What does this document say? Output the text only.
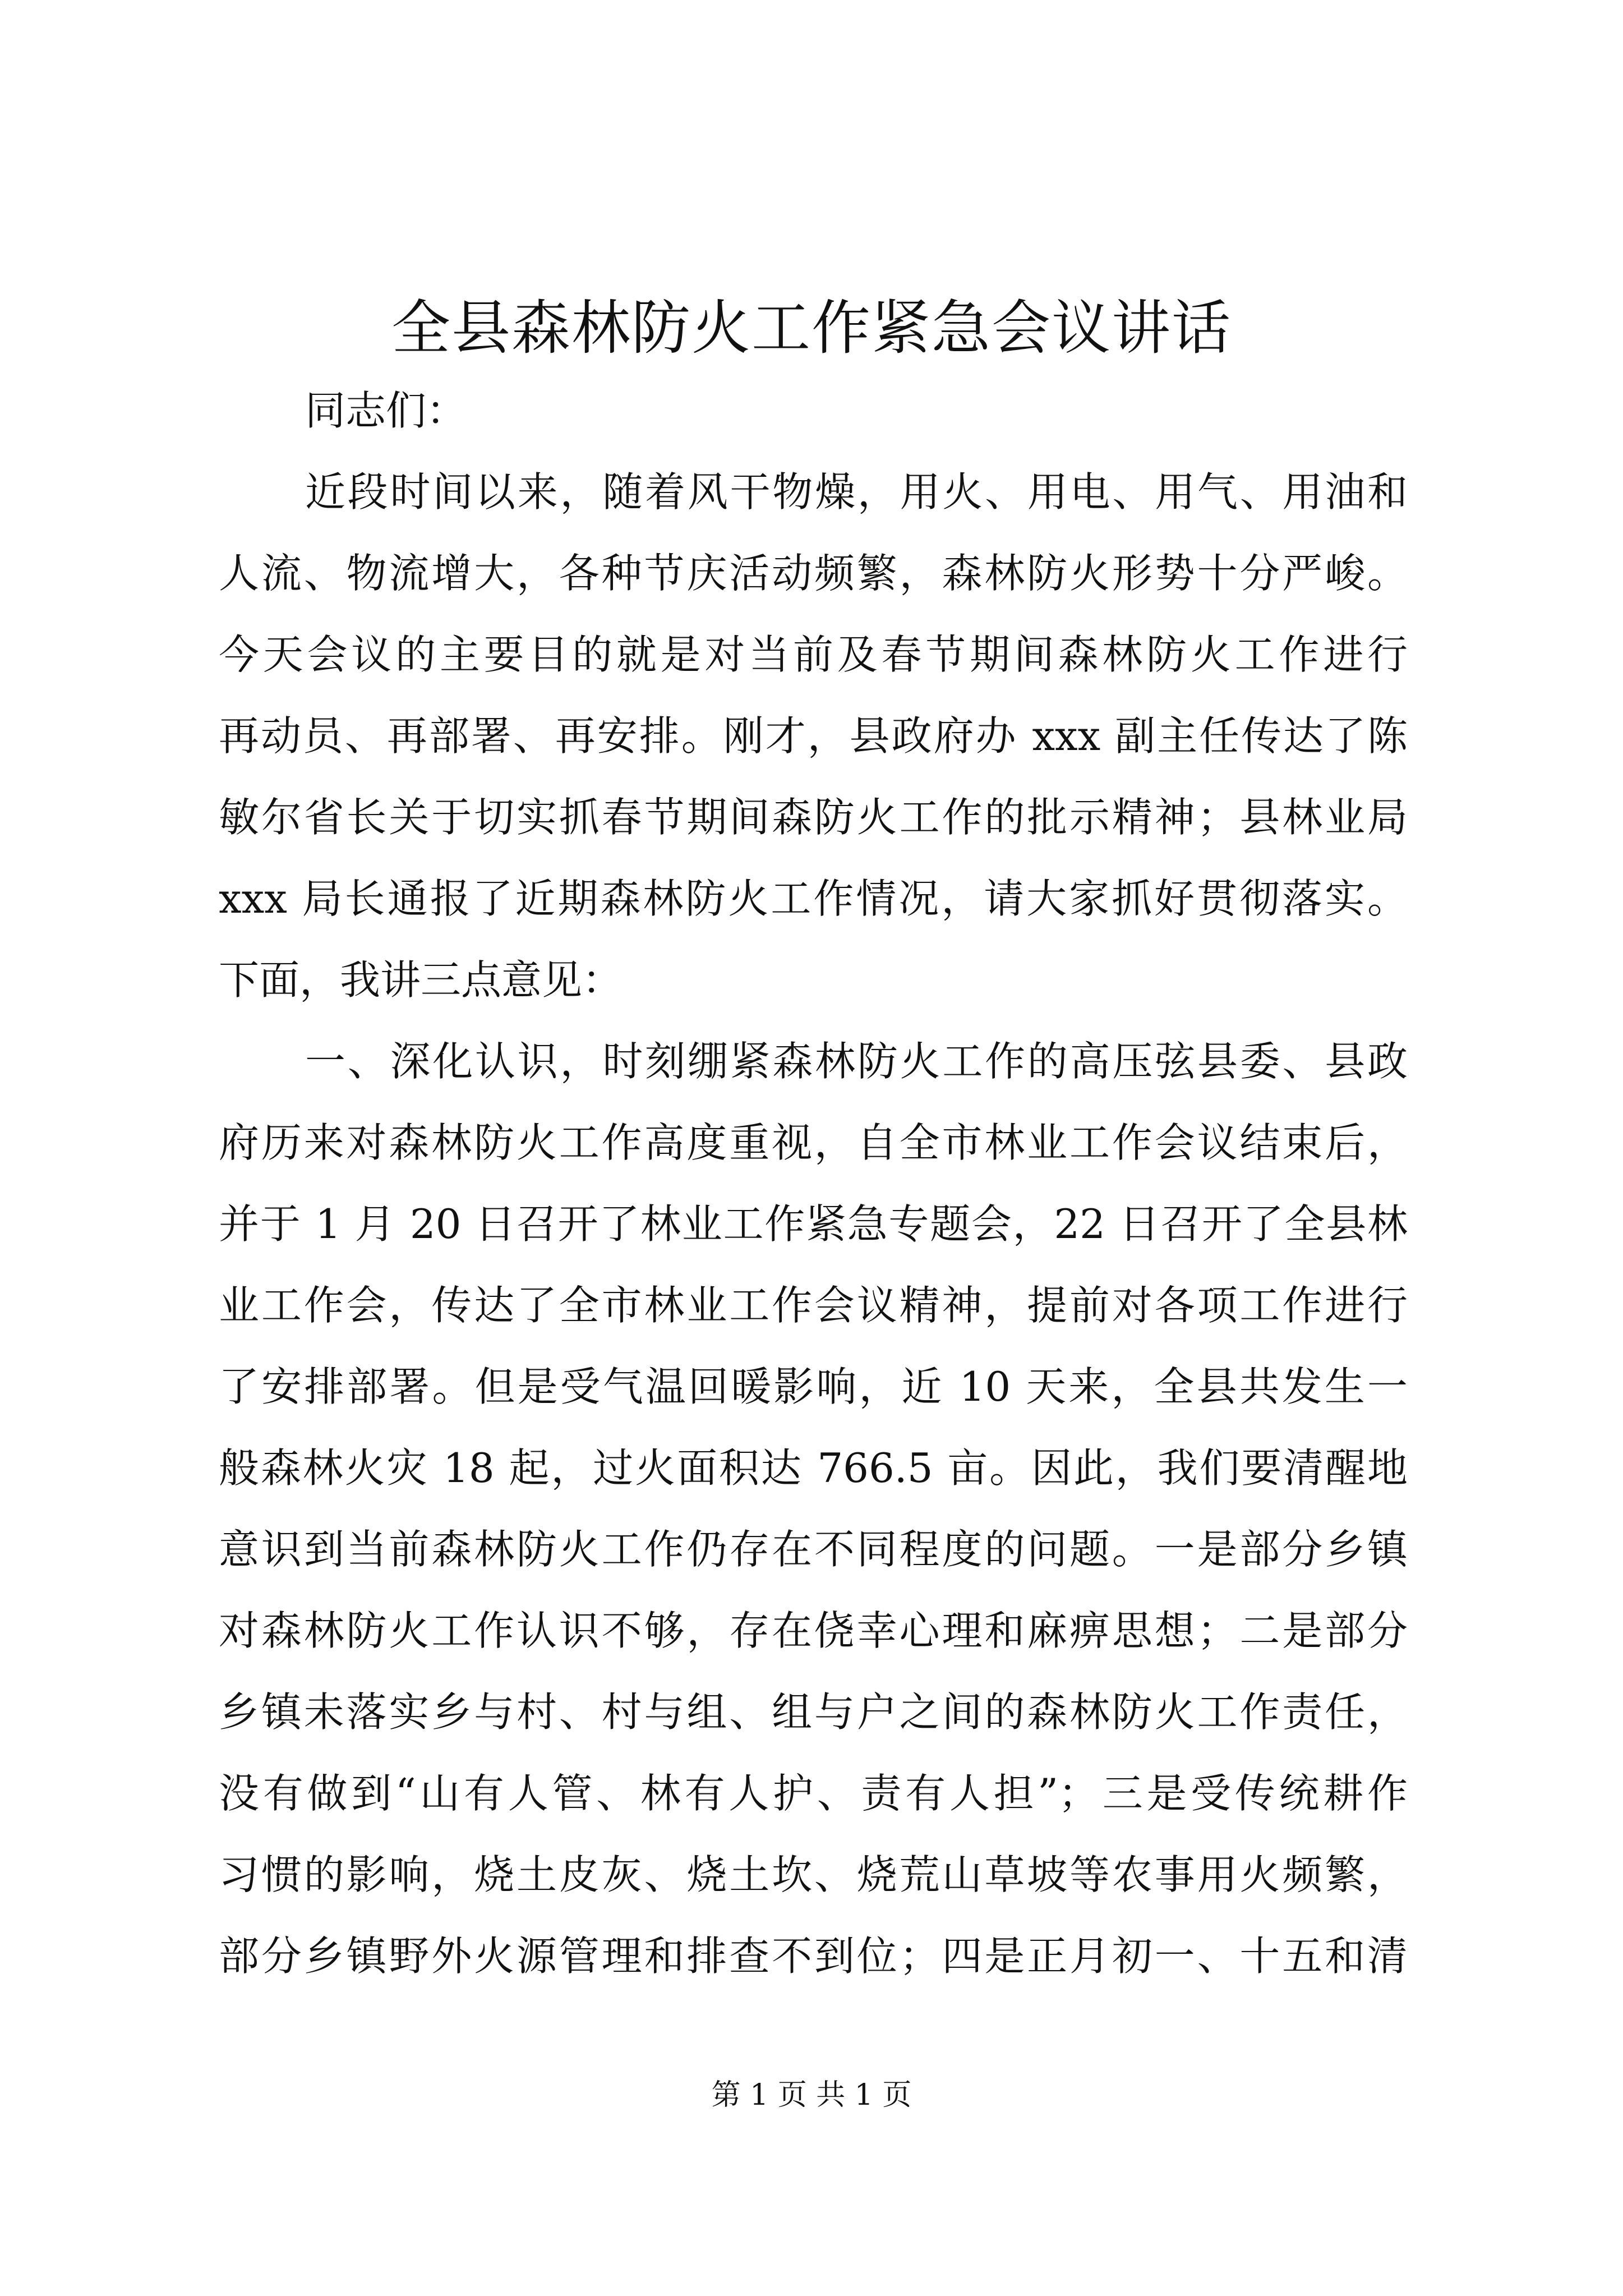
全县森林防火工作紧急会议讲话
同志们：
近段时间以来，随着风干物燥，用火、用电、用气、用油和
人流、物流增大，各种节庆活动频繁，森林防火形势十分严峻。
今天会议的主要目的就是对当前及春节期间森林防火工作进行
再动员、再部署、再安排。刚才，县政府办 xxx 副主任传达了陈
敏尔省长关于切实抓春节期间森防火工作的批示精神；县林业局
xxx 局长通报了近期森林防火工作情况，请大家抓好贯彻落实。
下面，我讲三点意见：
一、深化认识，时刻绷紧森林防火工作的高压弦县委、县政
府历来对森林防火工作高度重视，自全市林业工作会议结束后，
并于 1 月 20 日召开了林业工作紧急专题会，22 日召开了全县林
业工作会，传达了全市林业工作会议精神，提前对各项工作进行
了安排部署。但是受气温回暖影响，近 10 天来，全县共发生一
般森林火灾 18 起，过火面积达 766.5 亩。因此，我们要清醒地
意识到当前森林防火工作仍存在不同程度的问题。一是部分乡镇
对森林防火工作认识不够，存在侥幸心理和麻痹思想；二是部分
乡镇未落实乡与村、村与组、组与户之间的森林防火工作责任，
没有做到“山有人管、林有人护、责有人担”；三是受传统耕作
习惯的影响，烧土皮灰、烧土坎、烧荒山草坡等农事用火频繁，
部分乡镇野外火源管理和排查不到位；四是正月初一、十五和清
第 1 页 共 1 页
